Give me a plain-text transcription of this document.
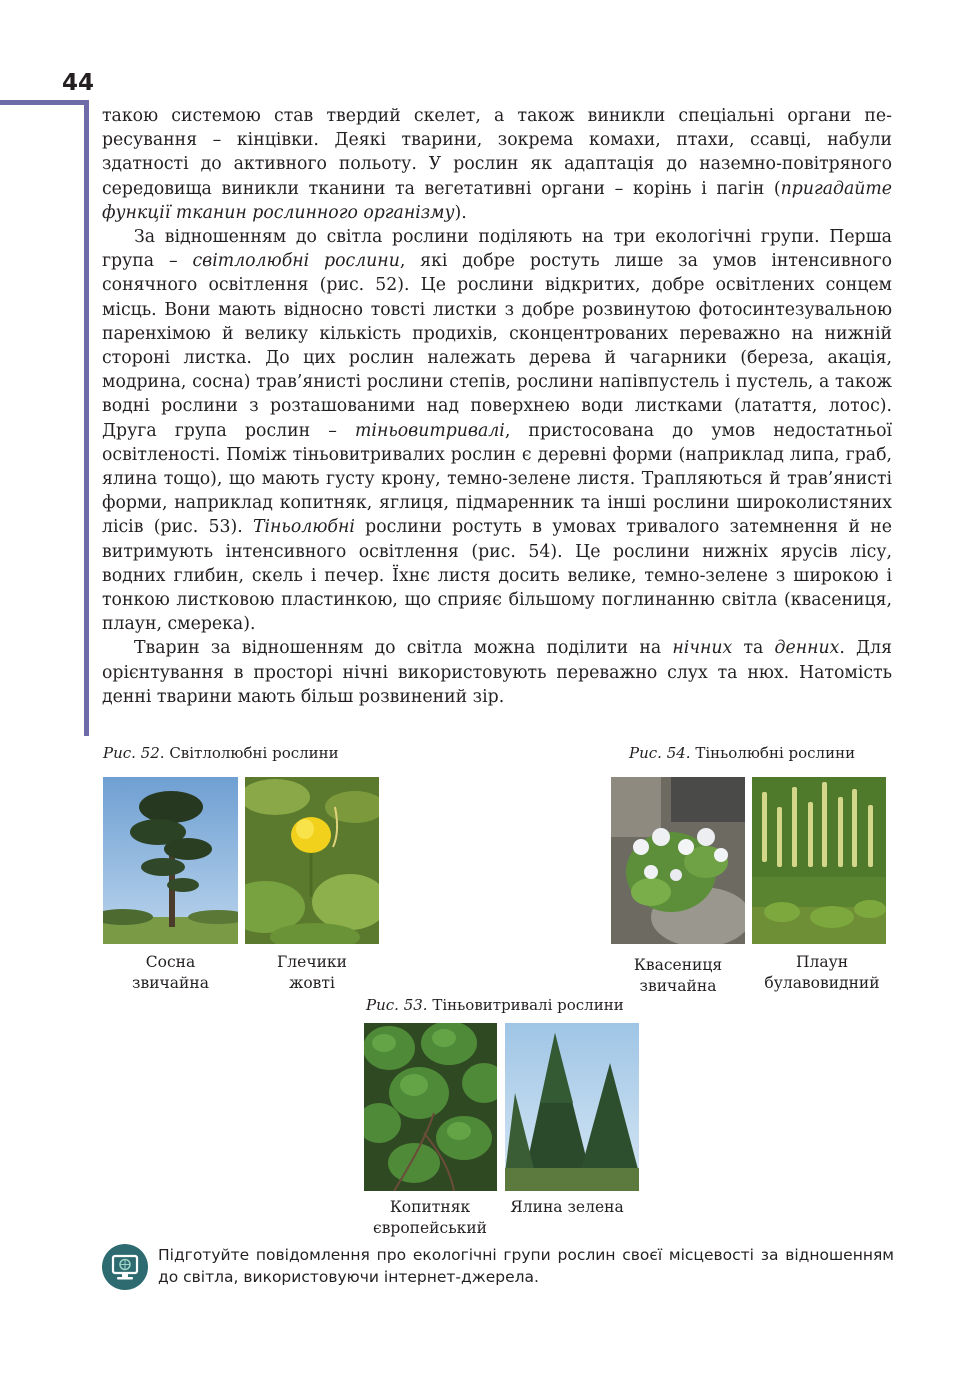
44

такою системою став твердий скелет, а також виникли спеціальні органи пересування – кінцівки. Деякі тварини, зокрема комахи, птахи, ссавці, набули здатності до активного польоту. У рослин як адаптація до наземно-повітряного середовища виникли тканини та вегетативні органи – корінь і пагін (пригадайте функції тканин рослинного організму).

За відношенням до світла рослини поділяють на три екологічні групи. Перша група – світлолюбні рослини, які добре ростуть лише за умов інтенсивного сонячного освітлення (рис. 52). Це рослини відкритих, добре освітлених сонцем місць. Вони мають відносно товсті листки з добре розвинутою фотосинтезувальною паренхімою й велику кількість продихів, сконцентрованих переважно на нижній стороні листка. До цих рослин належать дерева й чагарники (береза, акація, модрина, сосна) трав’янисті рослини степів, рослини напівпустель і пустель, а також водні рослини з розташованими над поверхнею води листками (латаття, лотос). Друга група рослин – тіньовитривалі, пристосована до умов недостатньої освітленості. Поміж тіньовитривалих рослин є деревні форми (наприклад липа, граб, ялина тощо), що мають густу крону, темно-зелене листя. Трапляються й трав’янисті форми, наприклад копитняк, яглиця, підмаренник та інші рослини широколистяних лісів (рис. 53). Тіньолюбні рослини ростуть в умовах тривалого затемнення й не витримують інтенсивного освітлення (рис. 54). Це рослини нижніх ярусів лісу, водних глибин, скель і печер. Їхнє листя досить велике, темно-зелене з широкою і тонкою листковою пластинкою, що сприяє більшому поглинанню світла (квасениця, плаун, смерека).

Тварин за відношенням до світла можна поділити на нічних та денних. Для орієнтування в просторі нічні використовують переважно слух та нюх. Натомість денні тварини мають більш розвинений зір.

Рис. 52. Світлолюбні рослини
Сосна
звичайна
Глечики
жовті
Рис. 54. Тіньолюбні рослини
Квасениця
звичайна
Плаун
булавовидний
Рис. 53. Тіньовитривалі рослини
Копитняк
європейський
Ялина зелена
Підготуйте повідомлення про екологічні групи рослин своєї місцевості за відношенням до світла, використовуючи інтернет-джерела.
